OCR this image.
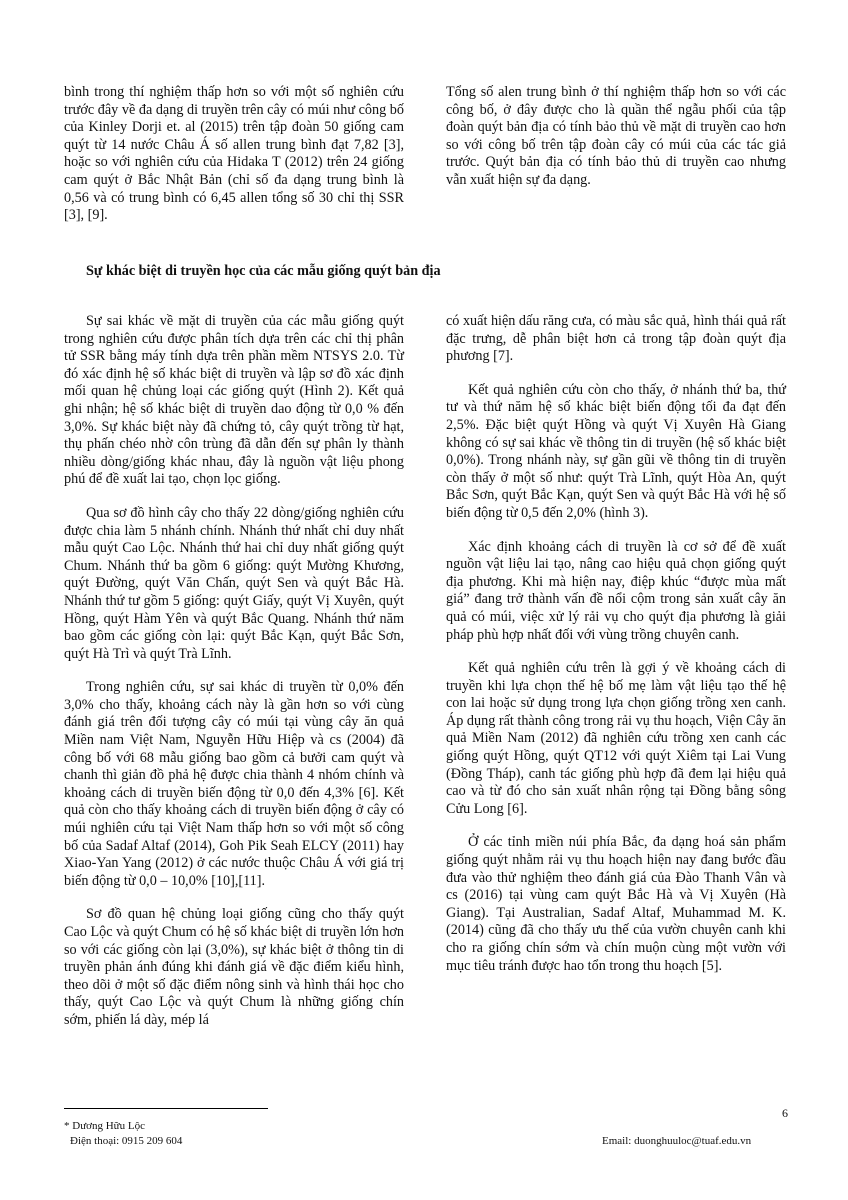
bình trong thí nghiệm thấp hơn so với một số nghiên cứu trước đây về đa dạng di truyền trên cây có múi như công bố của Kinley Dorji et. al (2015) trên tập đoàn 50 giống cam quýt từ 14 nước Châu Á số allen trung bình đạt 7,82 [3], hoặc so với nghiên cứu của Hidaka T (2012) trên 24 giống cam quýt ở Bắc Nhật Bản (chỉ số đa dạng trung bình là 0,56 và có trung bình có 6,45 allen tổng số 30 chỉ thị SSR [3], [9].

Tổng số alen trung bình ở thí nghiệm thấp hơn so với các công bố, ở đây được cho là quần thể ngẫu phối của tập đoàn quýt bản địa có tính bảo thủ về mặt di truyền cao hơn so với công bố trên tập đoàn cây có múi của các tác giả trước. Quýt bản địa có tính bảo thủ di truyền cao nhưng vẫn xuất hiện sự đa dạng.

Sự khác biệt di truyền học của các mẫu giống quýt bản địa

Sự sai khác về mặt di truyền của các mẫu giống quýt trong nghiên cứu được phân tích dựa trên các chỉ thị phân tử SSR bằng máy tính dựa trên phần mềm NTSYS 2.0. Từ đó xác định hệ số khác biệt di truyền và lập sơ đồ xác định mối quan hệ chủng loại các giống quýt (Hình 2). Kết quả ghi nhận; hệ số khác biệt di truyền dao động từ 0,0 % đến 3,0%. Sự khác biệt này đã chứng tỏ, cây quýt trồng từ hạt, thụ phấn chéo nhờ côn trùng đã dẫn đến sự phân ly thành nhiều dòng/giống khác nhau, đây là nguồn vật liệu phong phú để đề xuất lai tạo, chọn lọc giống.

Qua sơ đồ hình cây cho thấy 22 dòng/giống nghiên cứu được chia làm 5 nhánh chính. Nhánh thứ nhất chỉ duy nhất mẫu quýt Cao Lộc. Nhánh thứ hai chỉ duy nhất giống quýt Chum. Nhánh thứ ba gồm 6 giống: quýt Mường Khương, quýt Đường, quýt Văn Chấn, quýt Sen và quýt Bắc Hà. Nhánh thứ tư gồm 5 giống: quýt Giấy, quýt Vị Xuyên, quýt Hồng, quýt Hàm Yên và quýt Bắc Quang. Nhánh thứ năm bao gồm các giống còn lại: quýt Bắc Kạn, quýt Bắc Sơn, quýt Hà Trì và quýt Trà Lĩnh.

Trong nghiên cứu, sự sai khác di truyền từ 0,0% đến 3,0% cho thấy, khoảng cách này là gần hơn so với cùng đánh giá trên đối tượng cây có múi tại vùng cây ăn quả Miền nam Việt Nam, Nguyễn Hữu Hiệp và cs (2004) đã công bố với 68 mẫu giống bao gồm cả bưởi cam quýt và chanh thì giản đồ phả hệ được chia thành 4 nhóm chính và khoảng cách di truyền biến động từ 0,0 đến 4,3% [6]. Kết quả còn cho thấy khoảng cách di truyền biến động ở cây có múi nghiên cứu tại Việt Nam thấp hơn so với một số công bố của Sadaf Altaf (2014), Goh Pik Seah ELCY (2011) hay Xiao-Yan Yang (2012) ở các nước thuộc Châu Á với giá trị biến động từ 0,0 – 10,0% [10],[11].

Sơ đồ quan hệ chủng loại giống cũng cho thấy quýt Cao Lộc và quýt Chum có hệ số khác biệt di truyền lớn hơn so với các giống còn lại (3,0%), sự khác biệt ở thông tin di truyền phản ánh đúng khi đánh giá về đặc điểm kiểu hình, theo dõi ở một số đặc điểm nông sinh và hình thái học cho thấy, quýt Cao Lộc và quýt Chum là những giống chín sớm, phiến lá dày, mép lá

có xuất hiện dấu răng cưa, có màu sắc quả, hình thái quả rất đặc trưng, dễ phân biệt hơn cả trong tập đoàn quýt địa phương [7].

Kết quả nghiên cứu còn cho thấy, ở nhánh thứ ba, thứ tư và thứ năm hệ số khác biệt biến động tối đa đạt đến 2,5%. Đặc biệt quýt Hồng và quýt Vị Xuyên Hà Giang không có sự sai khác về thông tin di truyền (hệ số khác biệt 0,0%). Trong nhánh này, sự gần gũi về thông tin di truyền còn thấy ở một số như: quýt Trà Lĩnh, quýt Hòa An, quýt Bắc Sơn, quýt Bắc Kạn, quýt Sen và quýt Bắc Hà với hệ số biến động từ 0,5 đến 2,0% (hình 3).

Xác định khoảng cách di truyền là cơ sở để đề xuất nguồn vật liệu lai tạo, nâng cao hiệu quả chọn giống quýt địa phương. Khi mà hiện nay, điệp khúc “được mùa mất giá” đang trở thành vấn đề nổi cộm trong sản xuất cây ăn quả có múi, việc xử lý rải vụ cho quýt địa phương là giải pháp phù hợp nhất đối với vùng trồng chuyên canh.

Kết quả nghiên cứu trên là gợi ý về khoảng cách di truyền khi lựa chọn thế hệ bố mẹ làm vật liệu tạo thế hệ con lai hoặc sử dụng trong lựa chọn giống trồng xen canh. Áp dụng rất thành công trong rải vụ thu hoạch, Viện Cây ăn quả Miền Nam (2012) đã nghiên cứu trồng xen canh các giống quýt Hồng, quýt QT12 với quýt Xiêm tại Lai Vung (Đồng Tháp), canh tác giống phù hợp đã đem lại hiệu quả cao và từ đó cho sản xuất nhân rộng tại Đồng bằng sông Cửu Long [6].

Ở các tỉnh miền núi phía Bắc, đa dạng hoá sản phẩm giống quýt nhằm rải vụ thu hoạch hiện nay đang bước đầu đưa vào thử nghiệm theo đánh giá của Đào Thanh Vân và cs (2016) tại vùng cam quýt Bắc Hà và Vị Xuyên (Hà Giang). Tại Australian, Sadaf Altaf, Muhammad M. K. (2014) cũng đã cho thấy ưu thế của vườn chuyên canh khi cho ra giống chín sớm và chín muộn cùng một vườn với mục tiêu tránh được hao tổn trong thu hoạch [5].

6
* Dương Hữu Lộc
Điện thoại: 0915 209 604	Email: duonghuuloc@tuaf.edu.vn
